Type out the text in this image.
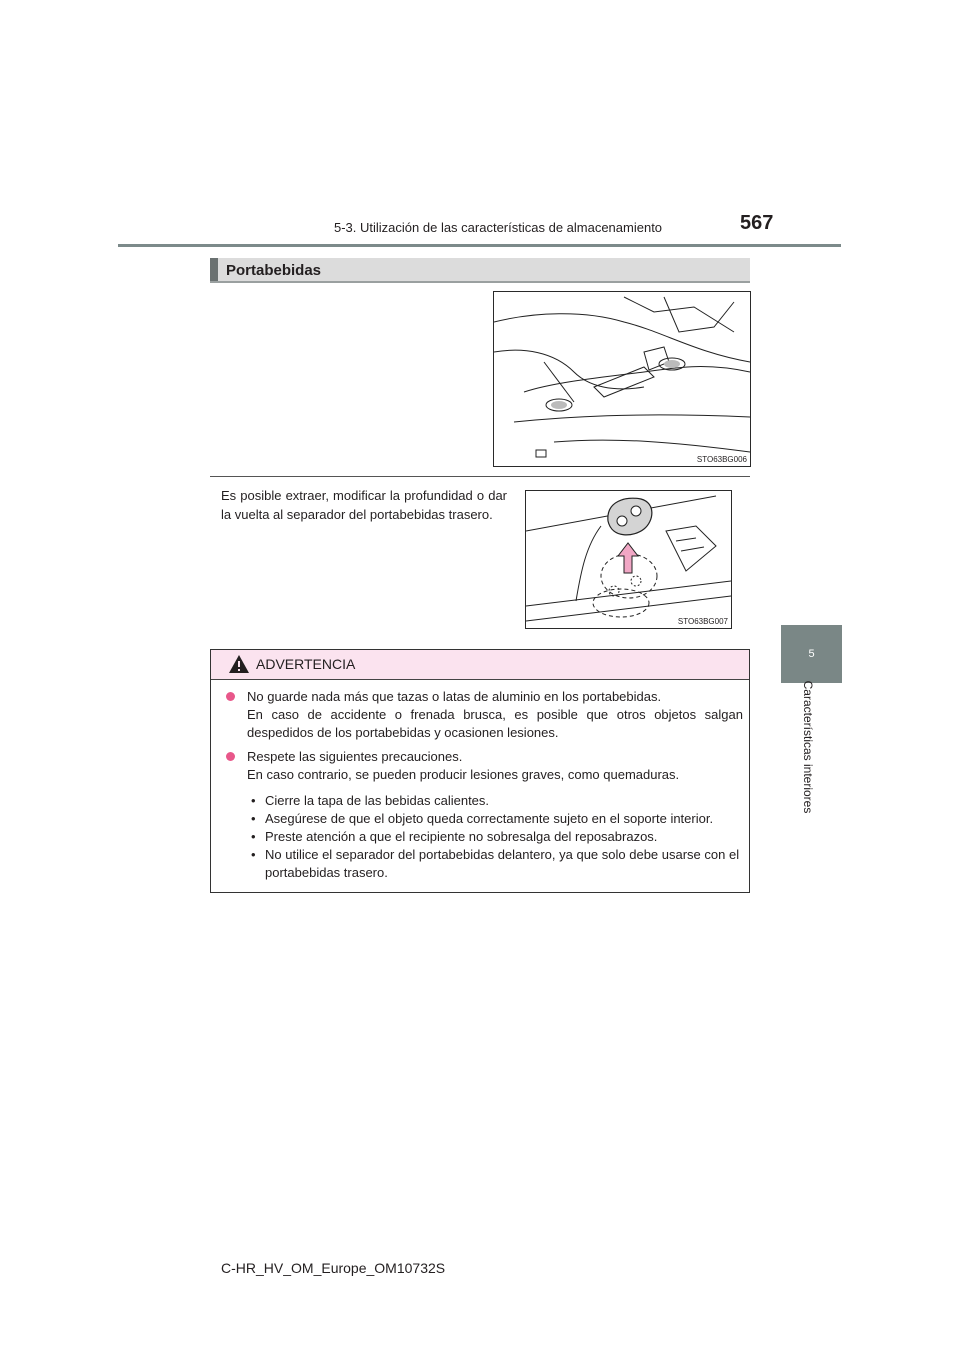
5-3. Utilización de las características de almacenamiento	567
5
Características interiores
Portabebidas
STO63BG006
Es posible extraer, modificar la profundidad o dar la vuelta al separador del portabebidas trasero.
STO63BG007
ADVERTENCIA

No guarde nada más que tazas o latas de aluminio en los portabebidas.

En caso de accidente o frenada brusca, es posible que otros objetos salgan despedidos de los portabebidas y ocasionen lesiones.

Respete las siguientes precauciones.

En caso contrario, se pueden producir lesiones graves, como quemaduras.

• Cierre la tapa de las bebidas calientes.
• Asegúrese de que el objeto queda correctamente sujeto en el soporte interior.
• Preste atención a que el recipiente no sobresalga del reposabrazos.
• No utilice el separador del portabebidas delantero, ya que solo debe usarse con el portabebidas trasero.
C-HR_HV_OM_Europe_OM10732S
